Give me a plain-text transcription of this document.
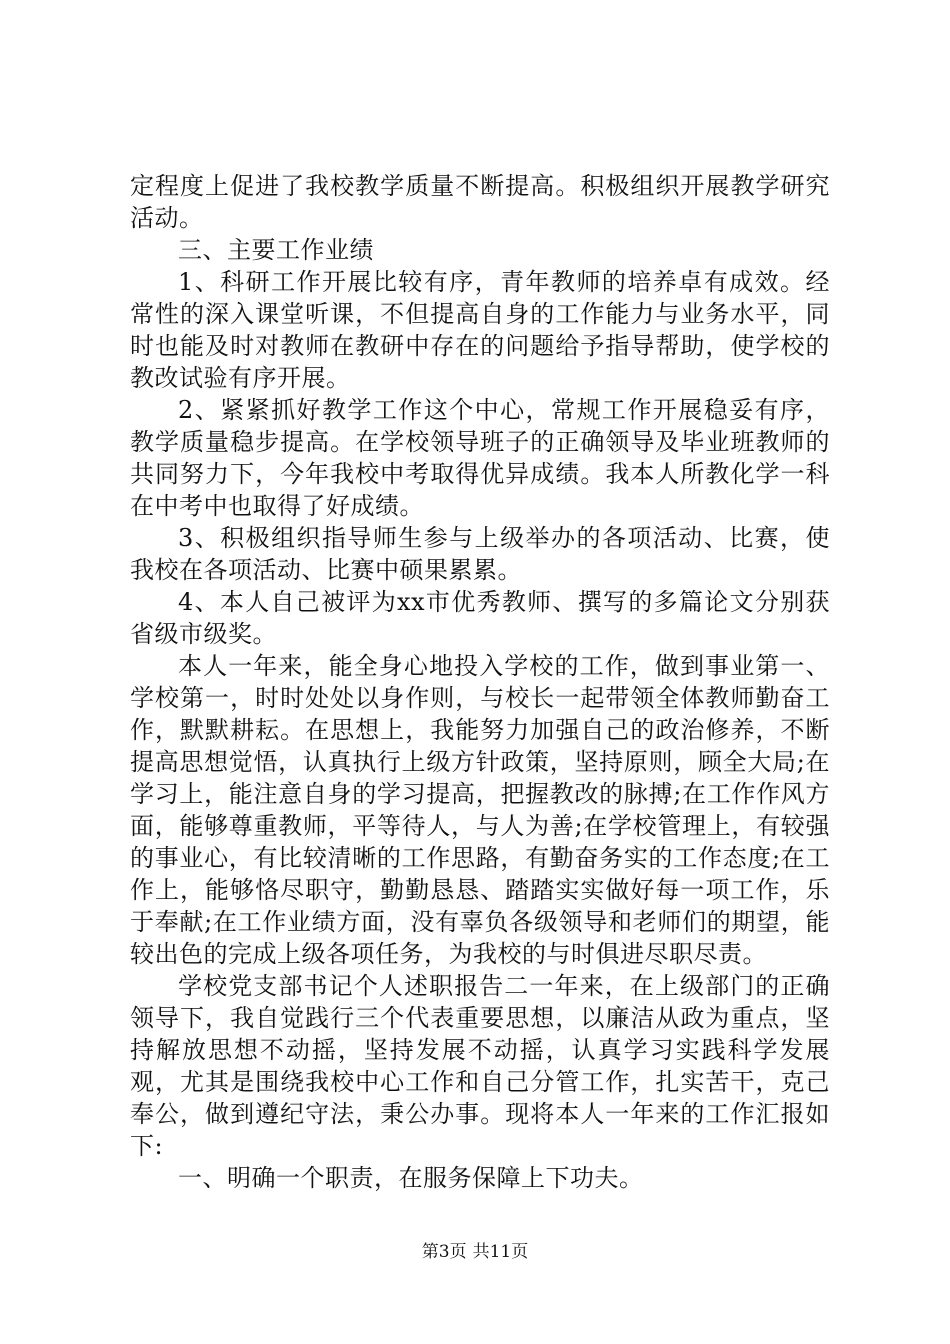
定程度上促进了我校教学质量不断提高。积极组织开展教学研究活动。

三、主要工作业绩

1、科研工作开展比较有序，青年教师的培养卓有成效。经常性的深入课堂听课，不但提高自身的工作能力与业务水平，同时也能及时对教师在教研中存在的问题给予指导帮助，使学校的教改试验有序开展。

2、紧紧抓好教学工作这个中心，常规工作开展稳妥有序，教学质量稳步提高。在学校领导班子的正确领导及毕业班教师的共同努力下，今年我校中考取得优异成绩。我本人所教化学一科在中考中也取得了好成绩。

3、积极组织指导师生参与上级举办的各项活动、比赛，使我校在各项活动、比赛中硕果累累。

4、本人自己被评为xx市优秀教师、撰写的多篇论文分别获省级市级奖。

本人一年来，能全身心地投入学校的工作，做到事业第一、学校第一，时时处处以身作则，与校长一起带领全体教师勤奋工作，默默耕耘。在思想上，我能努力加强自己的政治修养，不断提高思想觉悟，认真执行上级方针政策，坚持原则，顾全大局;在学习上，能注意自身的学习提高，把握教改的脉搏;在工作作风方面，能够尊重教师，平等待人，与人为善;在学校管理上，有较强的事业心，有比较清晰的工作思路，有勤奋务实的工作态度;在工作上，能够恪尽职守，勤勤恳恳、踏踏实实做好每一项工作，乐于奉献;在工作业绩方面，没有辜负各级领导和老师们的期望，能较出色的完成上级各项任务，为我校的与时俱进尽职尽责。

学校党支部书记个人述职报告二一年来，在上级部门的正确领导下，我自觉践行三个代表重要思想，以廉洁从政为重点，坚持解放思想不动摇，坚持发展不动摇，认真学习实践科学发展观，尤其是围绕我校中心工作和自己分管工作，扎实苦干，克己奉公，做到遵纪守法，秉公办事。现将本人一年来的工作汇报如下:

一、明确一个职责，在服务保障上下功夫。

第3页 共11页
